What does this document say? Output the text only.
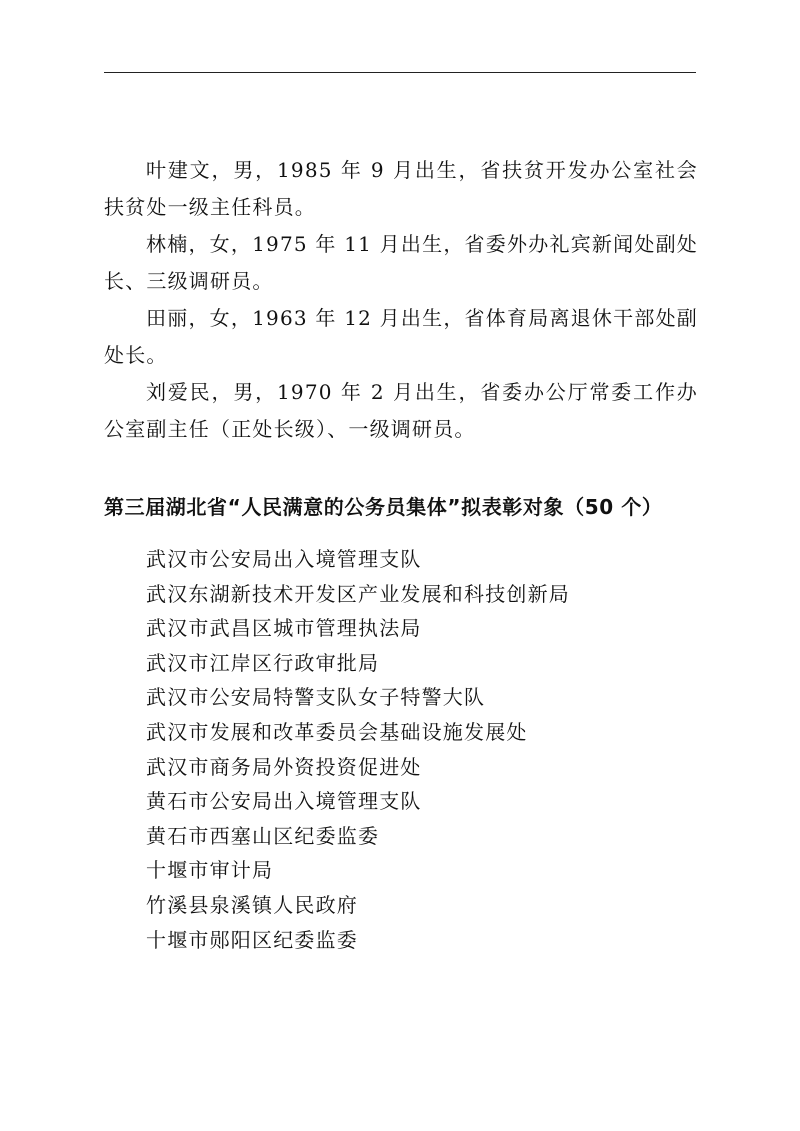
叶建文，男，1985 年 9 月出生，省扶贫开发办公室社会扶贫处一级主任科员。

林楠，女，1975 年 11 月出生，省委外办礼宾新闻处副处长、三级调研员。

田丽，女，1963 年 12 月出生，省体育局离退休干部处副处长。

刘爱民，男，1970 年 2 月出生，省委办公厅常委工作办公室副主任（正处长级）、一级调研员。

第三届湖北省“人民满意的公务员集体”拟表彰对象（50 个）
武汉市公安局出入境管理支队
武汉东湖新技术开发区产业发展和科技创新局
武汉市武昌区城市管理执法局
武汉市江岸区行政审批局
武汉市公安局特警支队女子特警大队
武汉市发展和改革委员会基础设施发展处
武汉市商务局外资投资促进处
黄石市公安局出入境管理支队
黄石市西塞山区纪委监委
十堰市审计局
竹溪县泉溪镇人民政府
十堰市郧阳区纪委监委
